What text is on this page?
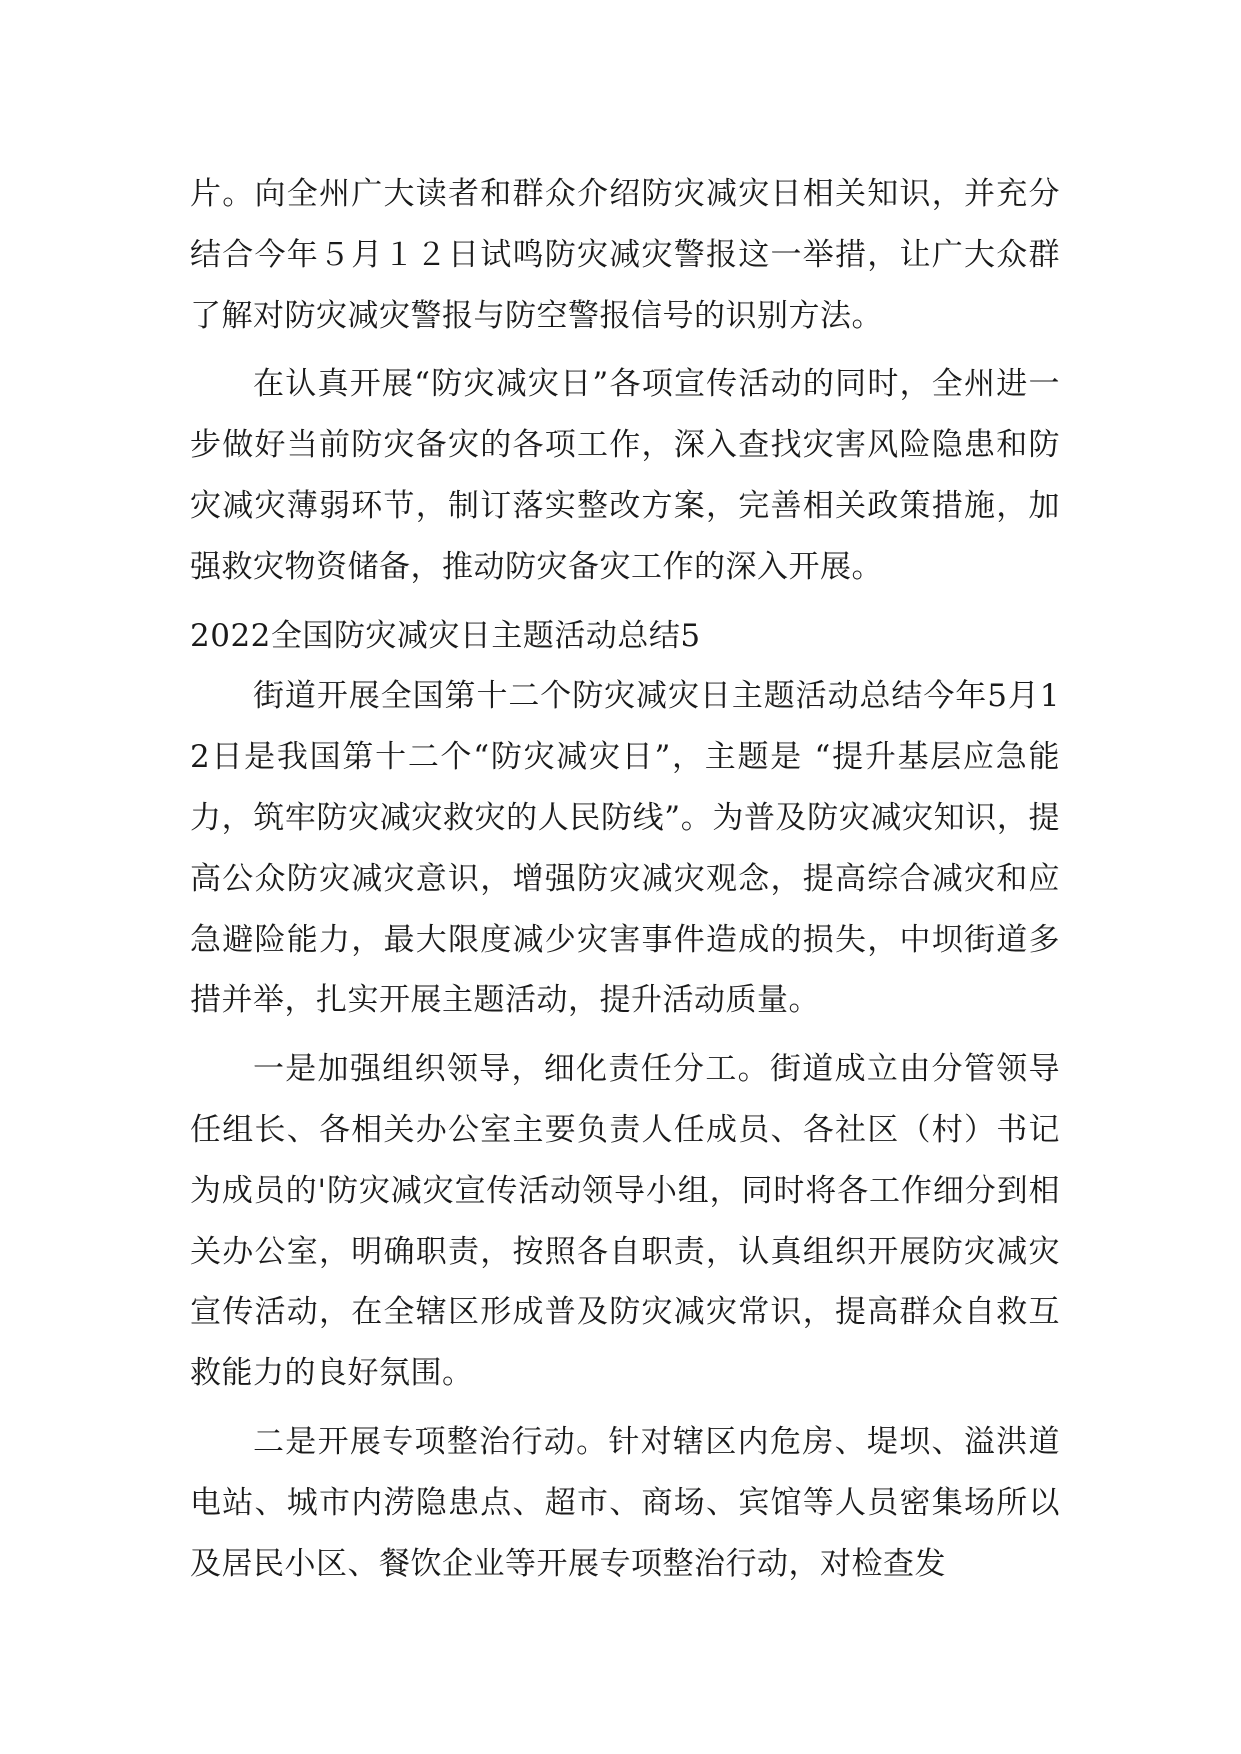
片。向全州广大读者和群众介绍防灾减灾日相关知识，并充分结合今年５月１２日试鸣防灾减灾警报这一举措，让广大众群了解对防灾减灾警报与防空警报信号的识别方法。

在认真开展“防灾减灾日”各项宣传活动的同时，全州进一步做好当前防灾备灾的各项工作，深入查找灾害风险隐患和防灾减灾薄弱环节，制订落实整改方案，完善相关政策措施，加强救灾物资储备，推动防灾备灾工作的深入开展。

2022全国防灾减灾日主题活动总结5

街道开展全国第十二个防灾减灾日主题活动总结今年5月12日是我国第十二个“防灾减灾日”，主题是 “提升基层应急能力，筑牢防灾减灾救灾的人民防线”。为普及防灾减灾知识，提高公众防灾减灾意识，增强防灾减灾观念，提高综合减灾和应急避险能力，最大限度减少灾害事件造成的损失，中坝街道多措并举，扎实开展主题活动，提升活动质量。

一是加强组织领导，细化责任分工。街道成立由分管领导任组长、各相关办公室主要负责人任成员、各社区（村）书记为成员的'防灾减灾宣传活动领导小组，同时将各工作细分到相关办公室，明确职责，按照各自职责，认真组织开展防灾减灾宣传活动，在全辖区形成普及防灾减灾常识，提高群众自救互救能力的良好氛围。

二是开展专项整治行动。针对辖区内危房、堤坝、溢洪道电站、城市内涝隐患点、超市、商场、宾馆等人员密集场所以及居民小区、餐饮企业等开展专项整治行动，对检查发
